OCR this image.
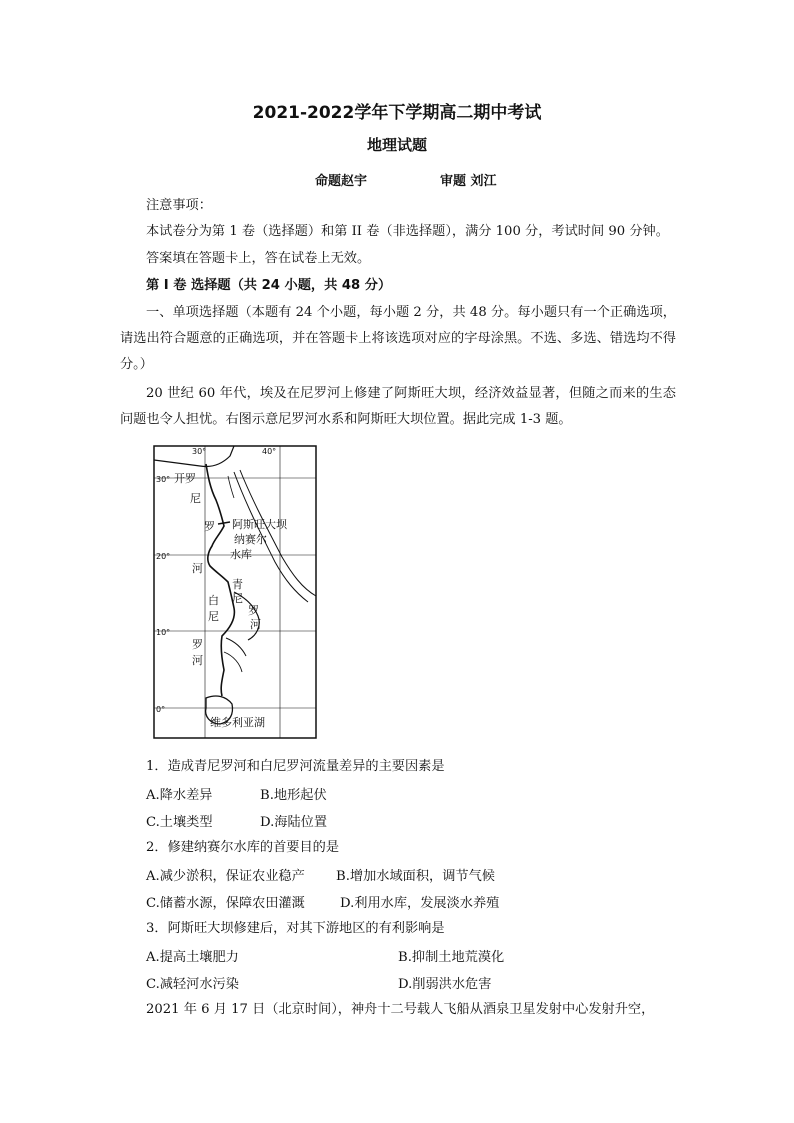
2021-2022学年下学期高二期中考试
地理试题
命题赵宇	审题 刘江
注意事项：
本试卷分为第 1 卷（选择题）和第 II 卷（非选择题），满分 100 分，考试时间 90 分钟。
答案填在答题卡上，答在试卷上无效。
第 I 卷 选择题（共 24 小题，共 48 分）
一、单项选择题（本题有 24 个小题，每小题 2 分，共 48 分。每小题只有一个正确选项，请选出符合题意的正确选项，并在答题卡上将该选项对应的字母涂黑。不选、多选、错选均不得分。）
20 世纪 60 年代，埃及在尼罗河上修建了阿斯旺大坝，经济效益显著，但随之而来的生态问题也令人担忧。右图示意尼罗河水系和阿斯旺大坝位置。据此完成 1-3 题。
30°	40°
30°
20°
10°
0°
开罗
尼
罗 阿斯旺大坝
纳赛尔
水库
河
青
尼
罗
河
白
尼
罗
河
维多利亚湖
1．造成青尼罗河和白尼罗河流量差异的主要因素是
A.降水差异	B.地形起伏
C.土壤类型	D.海陆位置
2．修建纳赛尔水库的首要目的是
A.减少淤积，保证农业稳产 B.增加水域面积，调节气候
C.储蓄水源，保障农田灌溉	D.利用水库，发展淡水养殖
3．阿斯旺大坝修建后，对其下游地区的有利影响是
A.提高土壤肥力	B.抑制土地荒漠化
C.减轻河水污染	D.削弱洪水危害
2021 年 6 月 17 日（北京时间），神舟十二号载人飞船从酒泉卫星发射中心发射升空，
